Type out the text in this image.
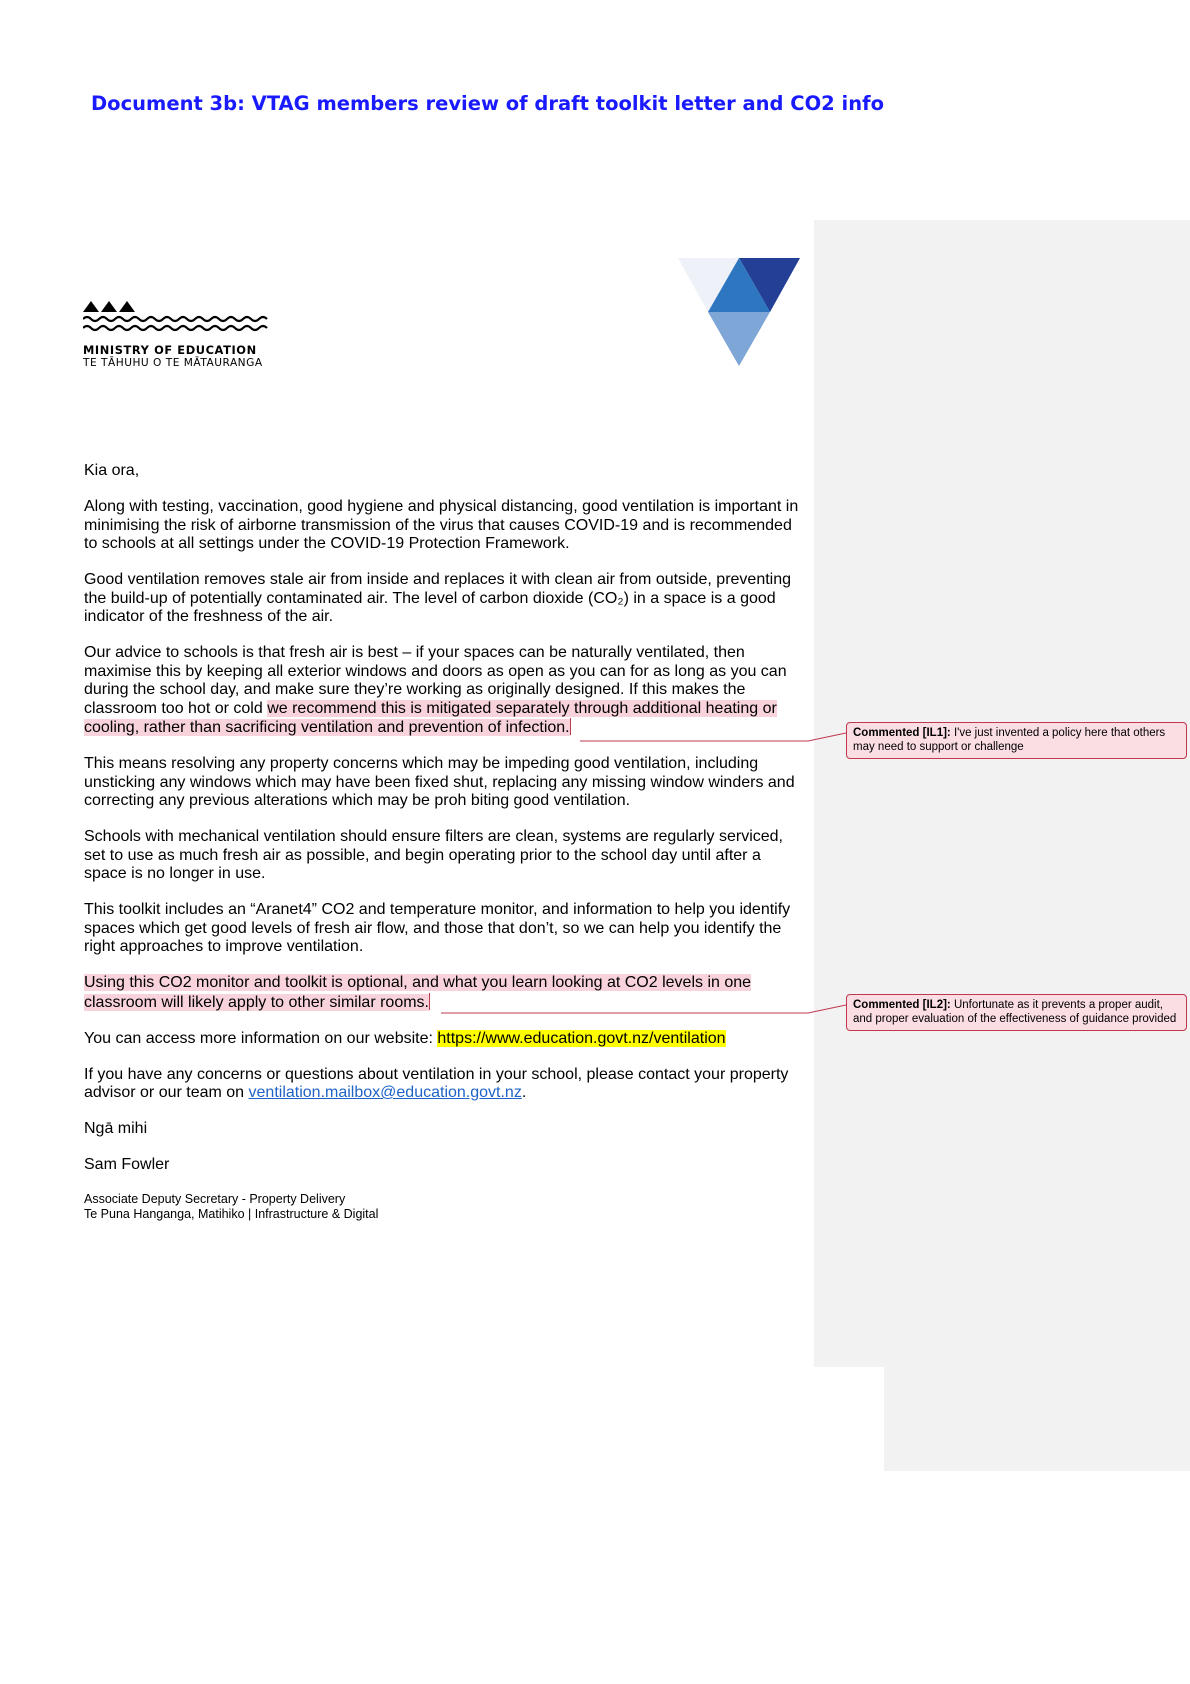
Document 3b: VTAG members review of draft toolkit letter and CO2 info
MINISTRY OF EDUCATION
TE TĀHUHU O TE MĀTAURANGA

Kia ora,

Along with testing, vaccination, good hygiene and physical distancing, good ventilation is important in minimising the risk of airborne transmission of the virus that causes COVID-19 and is recommended to schools at all settings under the COVID-19 Protection Framework.

Good ventilation removes stale air from inside and replaces it with clean air from outside, preventing the build-up of potentially contaminated air. The level of carbon dioxide (CO₂) in a space is a good indicator of the freshness of the air.

Our advice to schools is that fresh air is best – if your spaces can be naturally ventilated, then maximise this by keeping all exterior windows and doors as open as you can for as long as you can during the school day, and make sure they’re working as originally designed. If this makes the classroom too hot or cold we recommend this is mitigated separately through additional heating or cooling, rather than sacrificing ventilation and prevention of infection.

This means resolving any property concerns which may be impeding good ventilation, including unsticking any windows which may have been fixed shut, replacing any missing window winders and correcting any previous alterations which may be proh biting good ventilation.

Schools with mechanical ventilation should ensure filters are clean, systems are regularly serviced, set to use as much fresh air as possible, and begin operating prior to the school day until after a space is no longer in use.

This toolkit includes an “Aranet4” CO2 and temperature monitor, and information to help you identify spaces which get good levels of fresh air flow, and those that don’t, so we can help you identify the right approaches to improve ventilation.

Using this CO2 monitor and toolkit is optional, and what you learn looking at CO2 levels in one classroom will likely apply to other similar rooms.

You can access more information on our website: https://www.education.govt.nz/ventilation

If you have any concerns or questions about ventilation in your school, please contact your property advisor or our team on ventilation.mailbox@education.govt.nz.

Ngā mihi

Sam Fowler

Associate Deputy Secretary - Property Delivery
Te Puna Hanganga, Matihiko | Infrastructure & Digital
Commented [IL1]: I've just invented a policy here that others may need to support or challenge
Commented [IL2]: Unfortunate as it prevents a proper audit, and proper evaluation of the effectiveness of guidance provided
